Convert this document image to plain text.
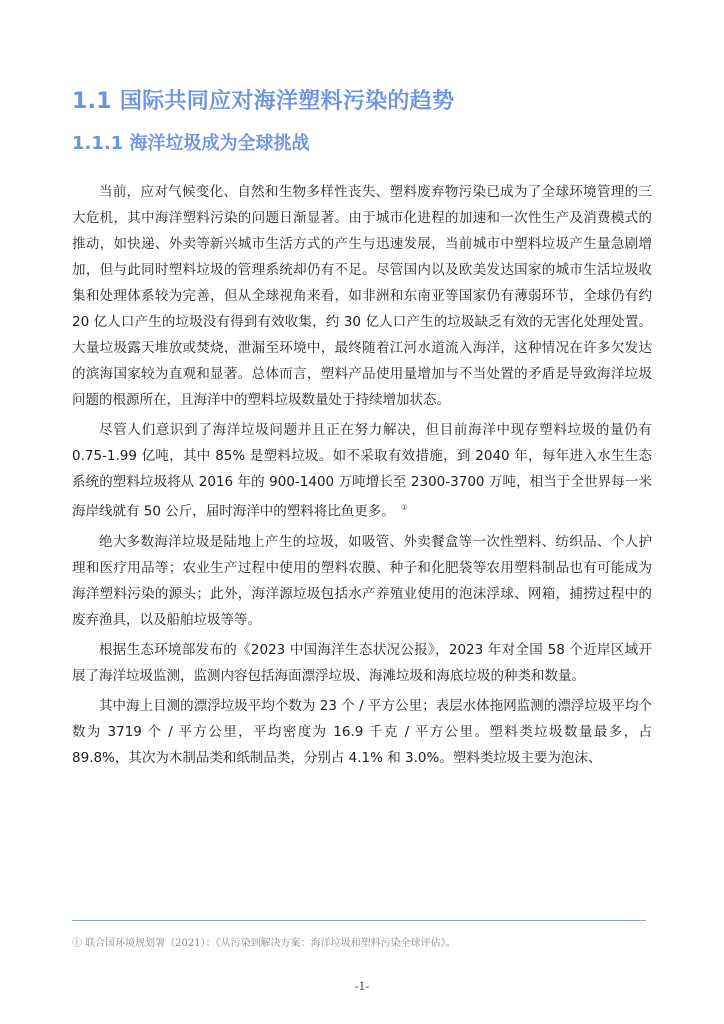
1.1 国际共同应对海洋塑料污染的趋势
1.1.1 海洋垃圾成为全球挑战

当前，应对气候变化、自然和生物多样性丧失、塑料废弃物污染已成为了全球环境管理的三大危机，其中海洋塑料污染的问题日渐显著。由于城市化进程的加速和一次性生产及消费模式的推动，如快递、外卖等新兴城市生活方式的产生与迅速发展，当前城市中塑料垃圾产生量急剧增加，但与此同时塑料垃圾的管理系统却仍有不足。尽管国内以及欧美发达国家的城市生活垃圾收集和处理体系较为完善，但从全球视角来看，如非洲和东南亚等国家仍有薄弱环节，全球仍有约 20 亿人口产生的垃圾没有得到有效收集，约 30 亿人口产生的垃圾缺乏有效的无害化处理处置。大量垃圾露天堆放或焚烧，泄漏至环境中，最终随着江河水道流入海洋，这种情况在许多欠发达的滨海国家较为直观和显著。总体而言，塑料产品使用量增加与不当处置的矛盾是导致海洋垃圾问题的根源所在，且海洋中的塑料垃圾数量处于持续增加状态。

尽管人们意识到了海洋垃圾问题并且正在努力解决，但目前海洋中现存塑料垃圾的量仍有 0.75-1.99 亿吨，其中 85% 是塑料垃圾。如不采取有效措施，到 2040 年，每年进入水生生态系统的塑料垃圾将从 2016 年的 900-1400 万吨增长至 2300-3700 万吨，相当于全世界每一米海岸线就有 50 公斤，届时海洋中的塑料将比鱼更多。 ①

绝大多数海洋垃圾是陆地上产生的垃圾，如吸管、外卖餐盒等一次性塑料、纺织品、个人护理和医疗用品等；农业生产过程中使用的塑料农膜、种子和化肥袋等农用塑料制品也有可能成为海洋塑料污染的源头；此外，海洋源垃圾包括水产养殖业使用的泡沫浮球、网箱，捕捞过程中的废弃渔具，以及船舶垃圾等等。

根据生态环境部发布的《2023 中国海洋生态状况公报》，2023 年对全国 58 个近岸区域开展了海洋垃圾监测，监测内容包括海面漂浮垃圾、海滩垃圾和海底垃圾的种类和数量。

其中海上目测的漂浮垃圾平均个数为 23 个 / 平方公里；表层水体拖网监测的漂浮垃圾平均个数为 3719 个 / 平方公里，平均密度为 16.9 千克 / 平方公里。塑料类垃圾数量最多，占 89.8%，其次为木制品类和纸制品类，分别占 4.1% 和 3.0%。塑料类垃圾主要为泡沫、

① 联合国环境规划署（2021）：《从污染到解决方案：海洋垃圾和塑料污染全球评估》。
-1-
